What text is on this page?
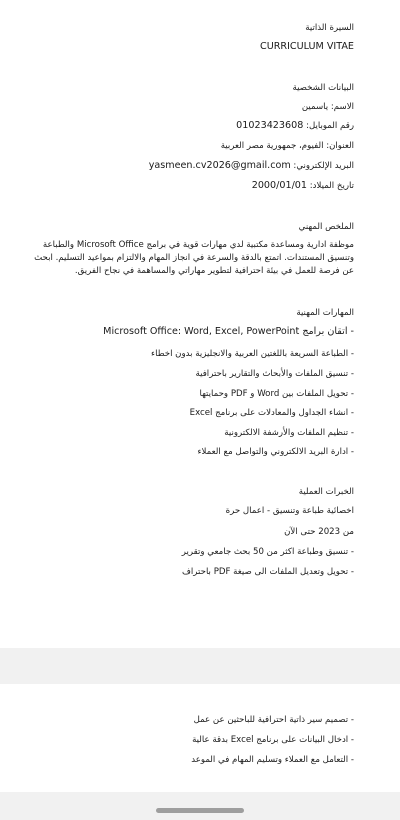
السيرة الذاتية
CURRICULUM VITAE
البيانات الشخصية
الاسم: ياسمين
رقم الموبايل: 01023423608
العنوان: الفيوم، جمهورية مصر العربية
البريد الإلكتروني: yasmeen.cv2026@gmail.com
تاريخ الميلاد: 2000/01/01
الملخص المهني
موظفة ادارية ومساعدة مكتبية لدي مهارات قوية في برامج Microsoft Office والطباعة وتنسيق المستندات. اتمتع بالدقة والسرعة في انجاز المهام والالتزام بمواعيد التسليم. ابحث عن فرصة للعمل في بيئة احترافية لتطوير مهاراتي والمساهمة في نجاح الفريق.
المهارات المهنية
- اتقان برامج Microsoft Office: Word, Excel, PowerPoint
- الطباعة السريعة باللغتين العربية والانجليزية بدون اخطاء
- تنسيق الملفات والأبحاث والتقارير باحترافية
- تحويل الملفات بين Word و PDF وحمايتها
- انشاء الجداول والمعادلات على برنامج Excel
- تنظيم الملفات والأرشفة الالكترونية
- ادارة البريد الالكتروني والتواصل مع العملاء
الخبرات العملية
اخصائية طباعة وتنسيق - اعمال حرة
من 2023 حتى الآن
- تنسيق وطباعة اكثر من 50 بحث جامعي وتقرير
- تحويل وتعديل الملفات الى صيغة PDF باحتراف
- تصميم سير ذاتية احترافية للباحثين عن عمل
- ادخال البيانات على برنامج Excel بدقة عالية
- التعامل مع العملاء وتسليم المهام في الموعد
